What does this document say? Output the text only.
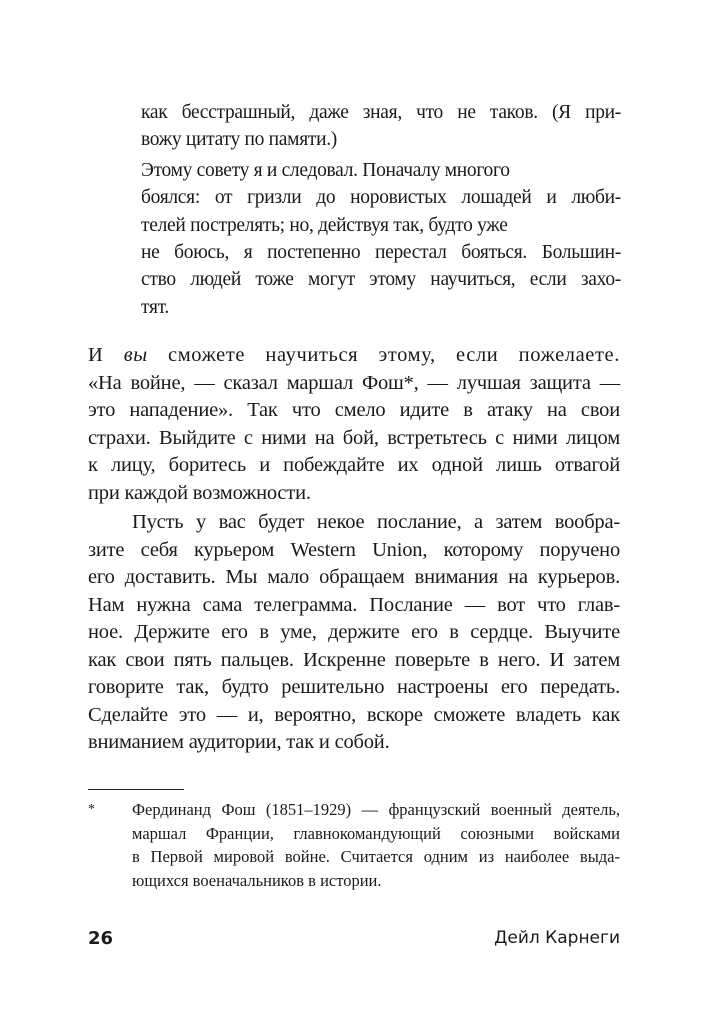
как бесстрашный, даже зная, что не таков. (Я при-
вожу цитату по памяти.)
Этому совету я и следовал. Поначалу многого
боялся: от гризли до норовистых лошадей и люби-
телей пострелять; но, действуя так, будто уже
не боюсь, я постепенно перестал бояться. Большин-
ство людей тоже могут этому научиться, если захо-
тят.
И вы сможете научиться этому, если пожелаете.
«На войне, — сказал маршал Фош*, — лучшая защита —
это нападение». Так что смело идите в атаку на свои
страхи. Выйдите с ними на бой, встретьтесь с ними лицом
к лицу, боритесь и побеждайте их одной лишь отвагой
при каждой возможности.
Пусть у вас будет некое послание, а затем вообра-
зите себя курьером Western Union, которому поручено
его доставить. Мы мало обращаем внимания на курьеров.
Нам нужна сама телеграмма. Послание — вот что глав-
ное. Держите его в уме, держите его в сердце. Выучите
как свои пять пальцев. Искренне поверьте в него. И затем
говорите так, будто решительно настроены его передать.
Сделайте это — и, вероятно, вскоре сможете владеть как
вниманием аудитории, так и собой.
* Фердинанд Фош (1851–1929) — французский военный деятель,
маршал Франции, главнокомандующий союзными войсками
в Первой мировой войне. Считается одним из наиболее выда-
ющихся военачальников в истории.
26	Дейл Карнеги
